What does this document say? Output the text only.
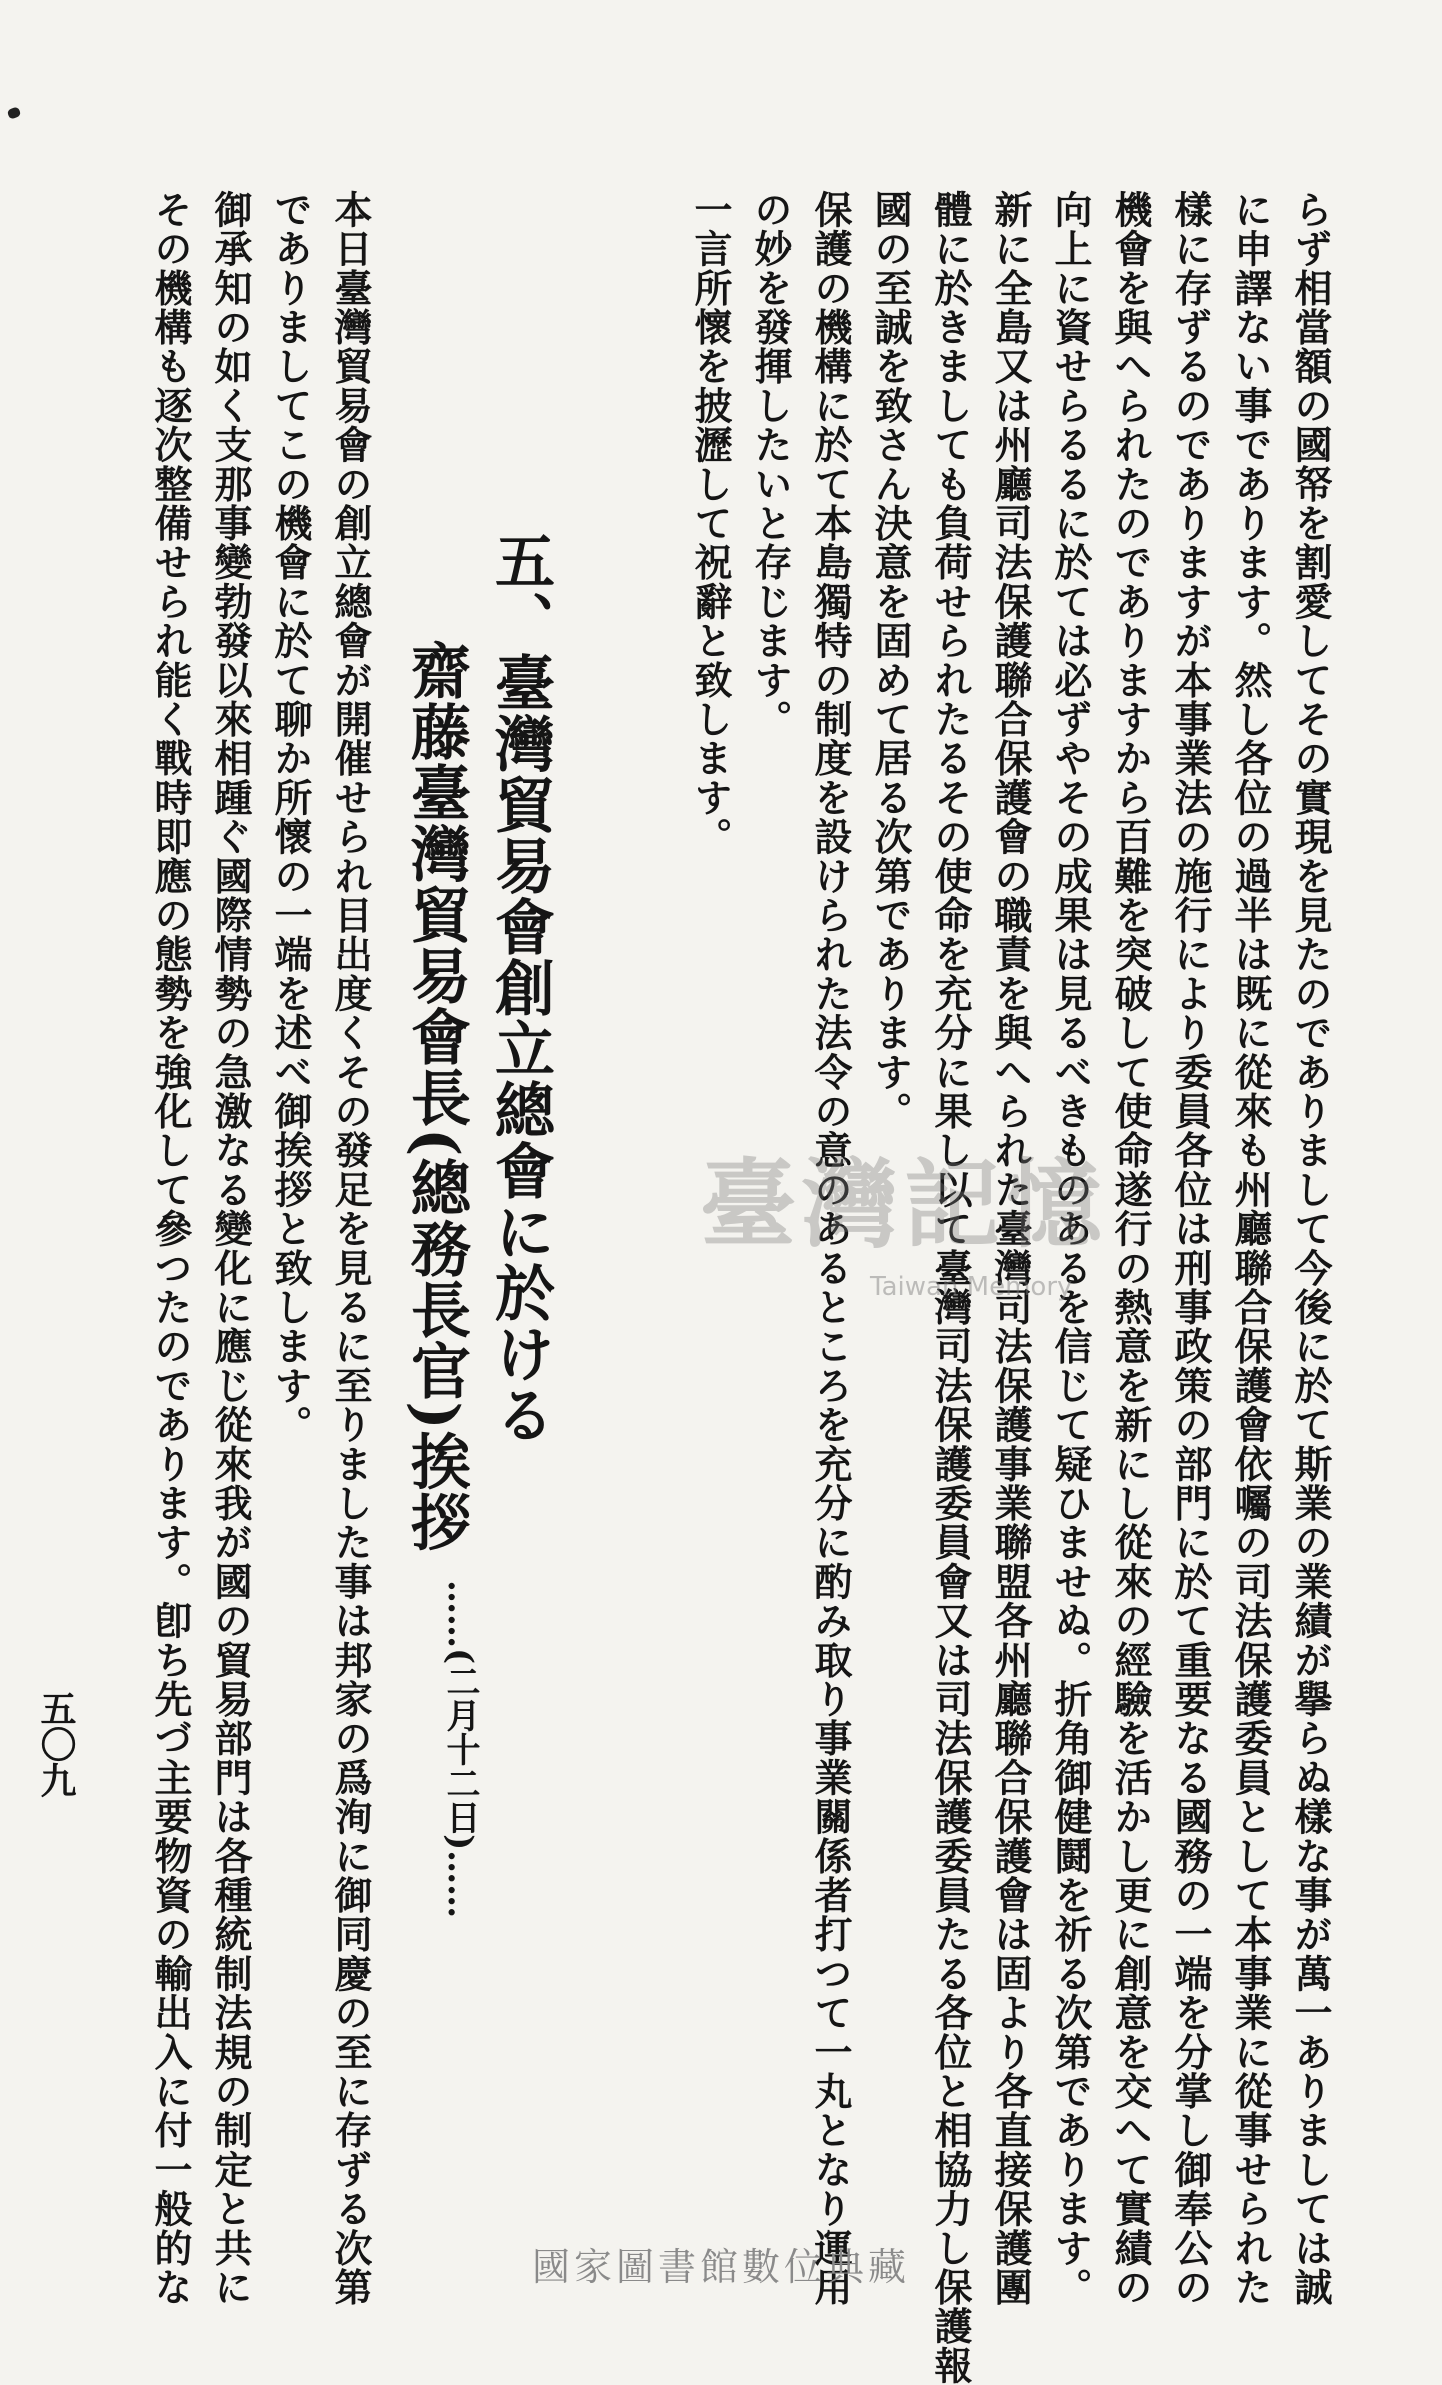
らず相當額の國帑を割愛してその實現を見たのでありまして今後に於て斯業の業績が擧らぬ樣な事が萬一ありましては誠
に申譯ない事であります。然し各位の過半は既に從來も州廳聯合保護會依囑の司法保護委員として本事業に從事せられた
樣に存ずるのでありますが本事業法の施行により委員各位は刑事政策の部門に於て重要なる國務の一端を分掌し御奉公の
機會を與へられたのでありますから百難を突破して使命遂行の熱意を新にし從來の經驗を活かし更に創意を交へて實績の
向上に資せらるるに於ては必ずやその成果は見るべきものあるを信じて疑ひませぬ。折角御健鬪を祈る次第であります。
新に全島又は州廳司法保護聯合保護會の職責を與へられた臺灣司法保護事業聯盟各州廳聯合保護會は固より各直接保護團
體に於きましても負荷せられたるその使命を充分に果し以て臺灣司法保護委員會又は司法保護委員たる各位と相協力し保護報
國の至誠を致さん決意を固めて居る次第であります。
保護の機構に於て本島獨特の制度を設けられた法令の意のあるところを充分に酌み取り事業關係者打つて一丸となり運用
の妙を發揮したいと存じます。
一言所懷を披瀝して祝辭と致します。
五、臺灣貿易會創立總會に於ける
齋藤臺灣貿易會長(總務長官)挨拶
……(二月十二日)……
本日臺灣貿易會の創立總會が開催せられ目出度くその發足を見るに至りました事は邦家の爲洵に御同慶の至に存ずる次第
でありましてこの機會に於て聊か所懷の一端を述べ御挨拶と致します。
御承知の如く支那事變勃發以來相踵ぐ國際情勢の急激なる變化に應じ從來我が國の貿易部門は各種統制法規の制定と共に
その機構も逐次整備せられ能く戰時即應の態勢を強化して參つたのであります。卽ち先づ主要物資の輸出入に付一般的な
五〇九
臺灣記憶
Taiwan Memory
國家圖書館數位典藏
